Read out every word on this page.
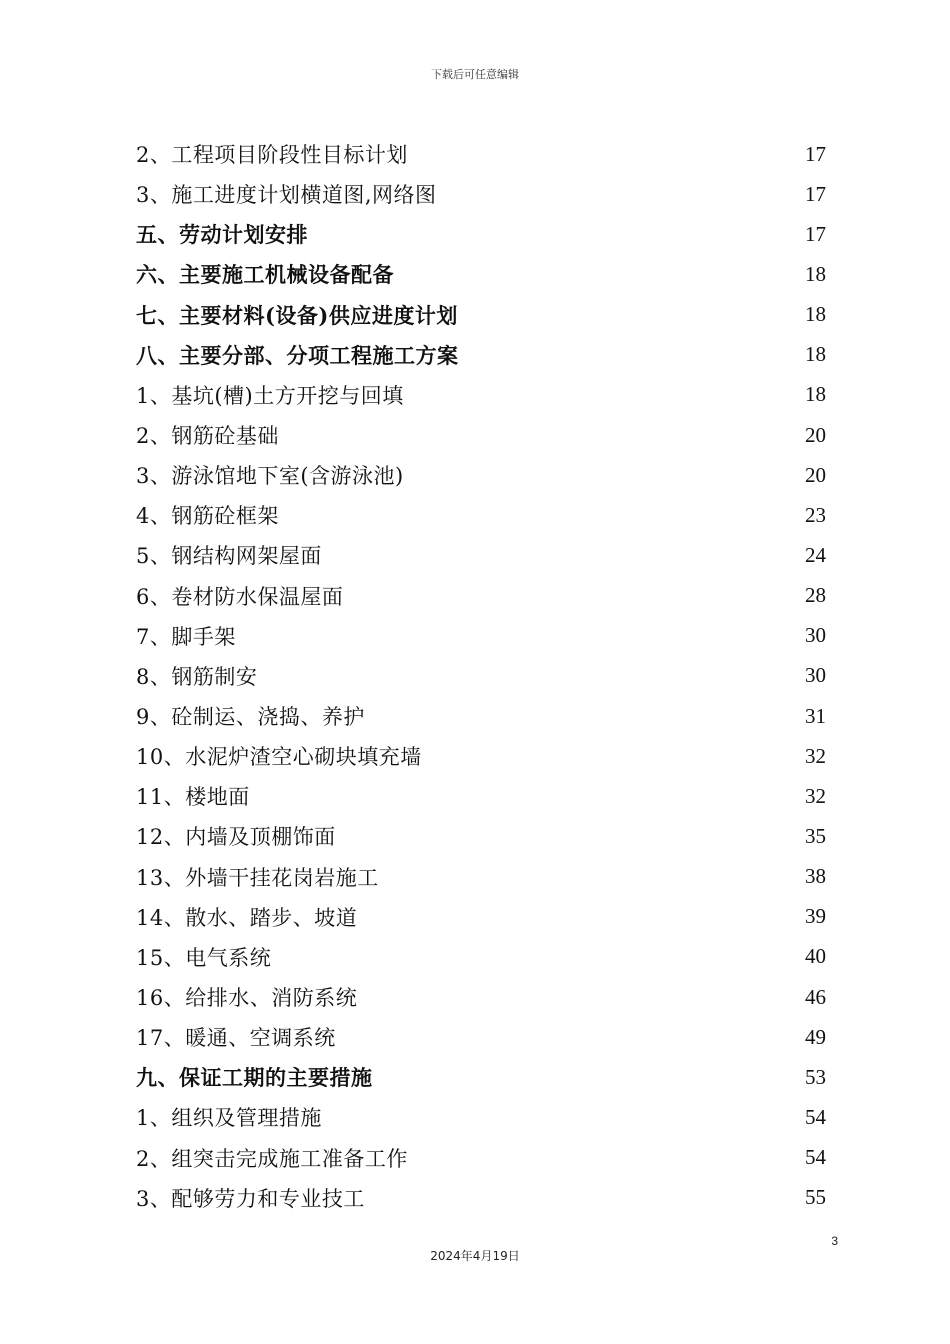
下载后可任意编辑
2、工程项目阶段性目标计划	17
3、施工进度计划横道图,网络图	17
五、劳动计划安排	17
六、主要施工机械设备配备	18
七、主要材料(设备)供应进度计划	18
八、主要分部、分项工程施工方案	18
1、基坑(槽)土方开挖与回填	18
2、钢筋砼基础	20
3、游泳馆地下室(含游泳池)	20
4、钢筋砼框架	23
5、钢结构网架屋面	24
6、卷材防水保温屋面	28
7、脚手架	30
8、钢筋制安	30
9、砼制运、浇捣、养护	31
10、水泥炉渣空心砌块填充墙	32
11、楼地面	32
12、内墙及顶棚饰面	35
13、外墙干挂花岗岩施工	38
14、散水、踏步、坡道	39
15、电气系统	40
16、给排水、消防系统	46
17、暖通、空调系统	49
九、保证工期的主要措施	53
1、组织及管理措施	54
2、组突击完成施工准备工作	54
3、配够劳力和专业技工	55
3
2024年4月19日
